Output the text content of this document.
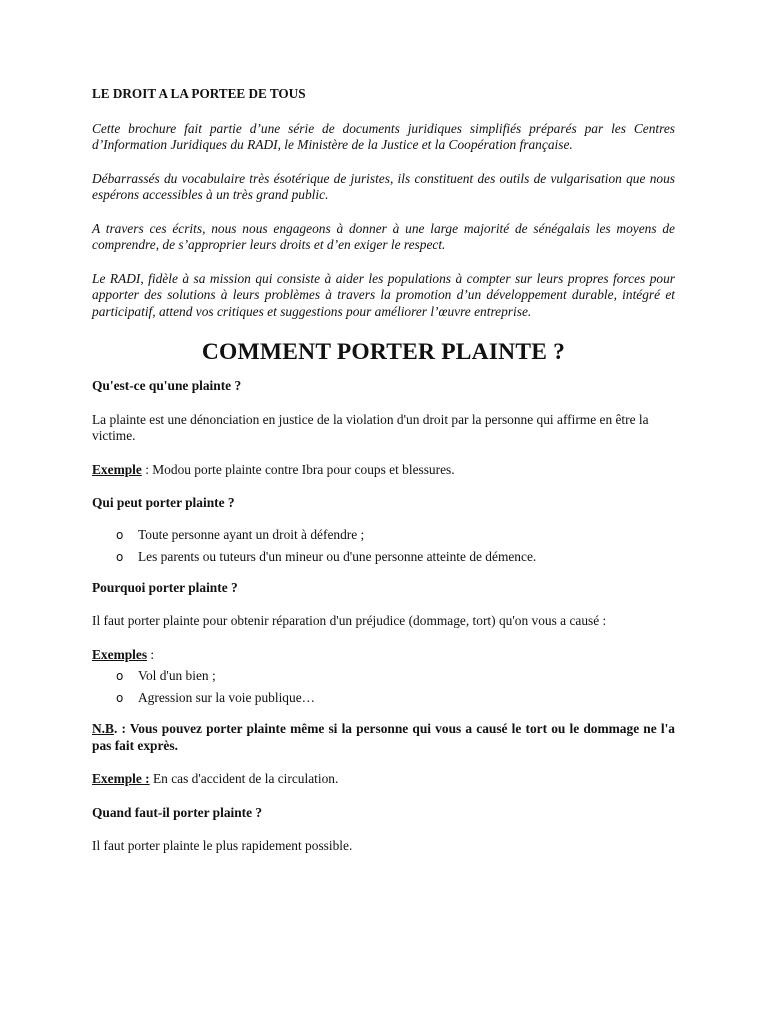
LE DROIT A LA PORTEE DE TOUS

Cette brochure fait partie d’une série de documents juridiques simplifiés préparés par les Centres d’Information Juridiques du RADI, le Ministère de la Justice et la Coopération française.

Débarrassés du vocabulaire très ésotérique de juristes, ils constituent des outils de vulgarisation que nous espérons accessibles à un très grand public.

A travers ces écrits, nous nous engageons à donner à une large majorité de sénégalais les moyens de comprendre, de s’approprier leurs droits et d’en exiger le respect.

Le RADI, fidèle à sa mission qui consiste à aider les populations à compter sur leurs propres forces pour apporter des solutions à leurs problèmes à travers la promotion d’un développement durable, intégré et participatif, attend vos critiques et suggestions pour améliorer l’œuvre entreprise.

COMMENT PORTER PLAINTE ?

Qu'est-ce qu'une plainte ?

La plainte est une dénonciation en justice de la violation d'un droit par la personne qui affirme en être la victime.

Exemple : Modou porte plainte contre Ibra pour coups et blessures.

Qui peut porter plainte ?

o Toute personne ayant un droit à défendre ;
o Les parents ou tuteurs d'un mineur ou d'une personne atteinte de démence.

Pourquoi porter plainte ?

Il faut porter plainte pour obtenir réparation d'un préjudice (dommage, tort) qu'on vous a causé :

Exemples :

o Vol d'un bien ;
o Agression sur la voie publique…

N.B. : Vous pouvez porter plainte même si la personne qui vous a causé le tort ou le dommage ne l'a pas fait exprès.

Exemple : En cas d'accident de la circulation.

Quand faut-il porter plainte ?

Il faut porter plainte le plus rapidement possible.
